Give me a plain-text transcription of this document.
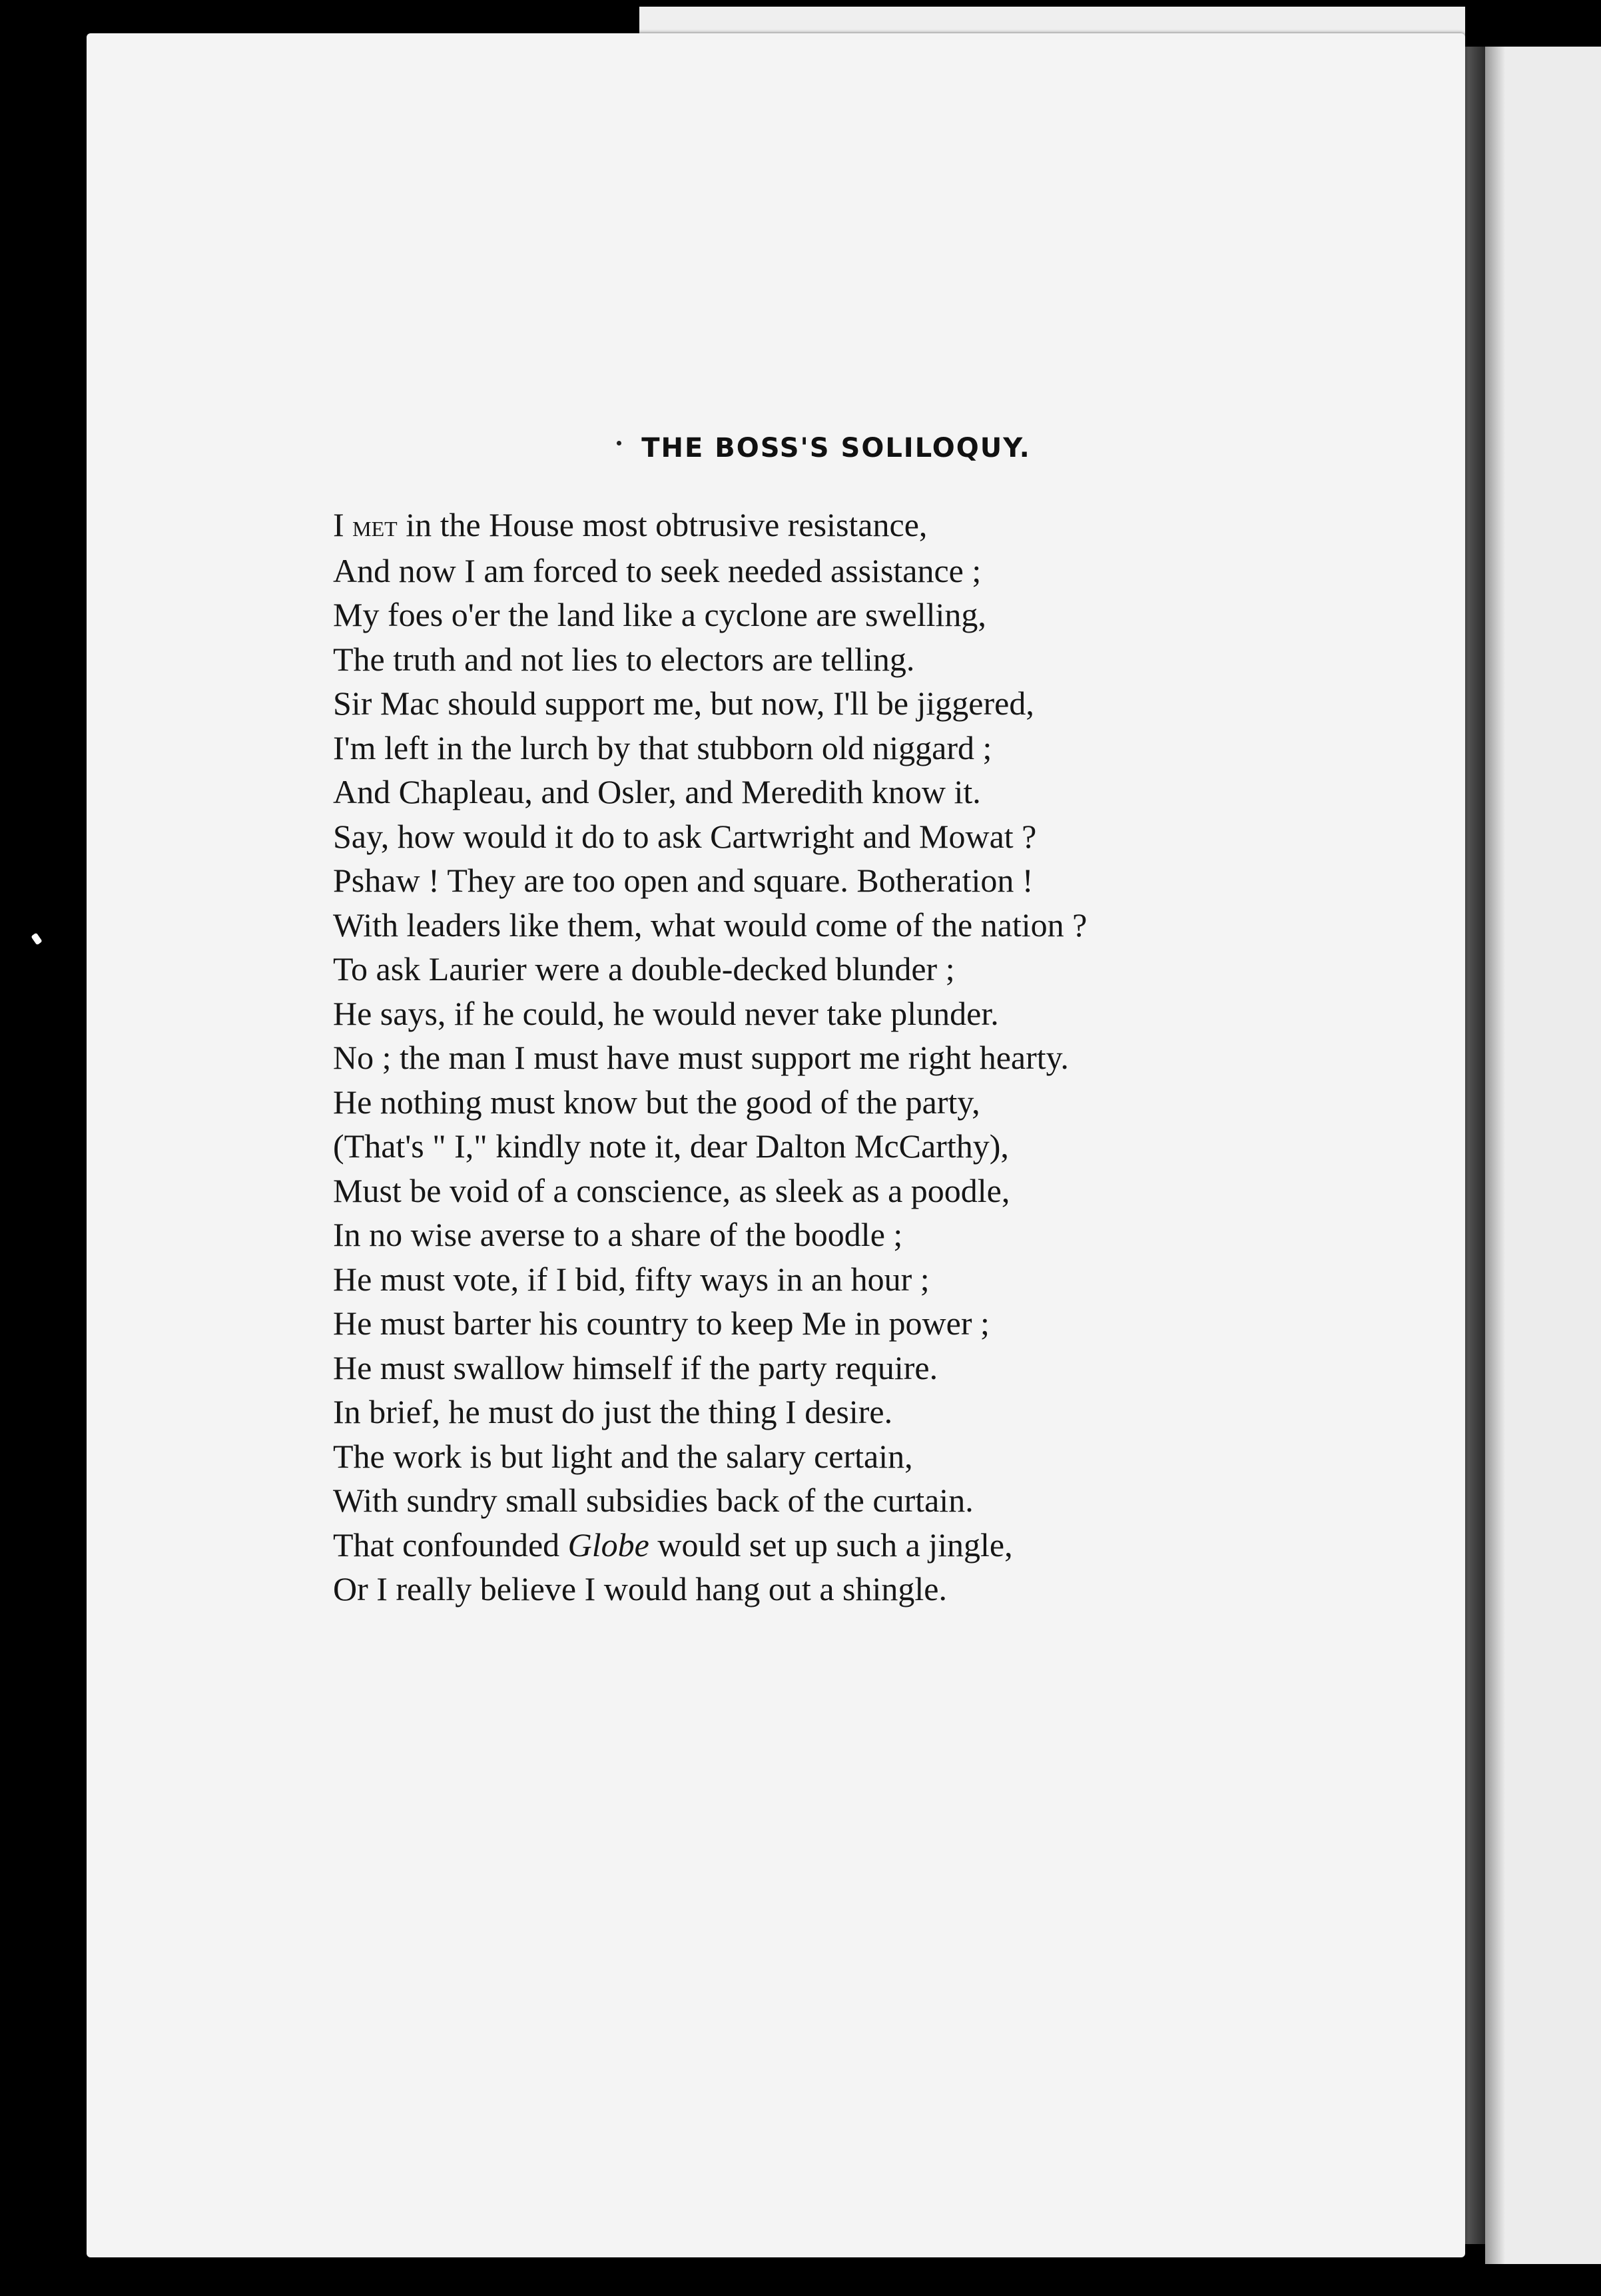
THE BOSS'S SOLILOQUY.
I met in the House most obtrusive resistance,
And now I am forced to seek needed assistance ;
My foes o'er the land like a cyclone are swelling,
The truth and not lies to electors are telling.
Sir Mac should support me, but now, I'll be jiggered,
I'm left in the lurch by that stubborn old niggard ;
And Chapleau, and Osler, and Meredith know it.
Say, how would it do to ask Cartwright and Mowat ?
Pshaw ! They are too open and square. Botheration !
With leaders like them, what would come of the nation ?
To ask Laurier were a double-decked blunder ;
He says, if he could, he would never take plunder.
No ; the man I must have must support me right hearty.
He nothing must know but the good of the party,
(That's " I," kindly note it, dear Dalton McCarthy),
Must be void of a conscience, as sleek as a poodle,
In no wise averse to a share of the boodle ;
He must vote, if I bid, fifty ways in an hour ;
He must barter his country to keep Me in power ;
He must swallow himself if the party require.
In brief, he must do just the thing I desire.
The work is but light and the salary certain,
With sundry small subsidies back of the curtain.
That confounded Globe would set up such a jingle,
Or I really believe I would hang out a shingle.
